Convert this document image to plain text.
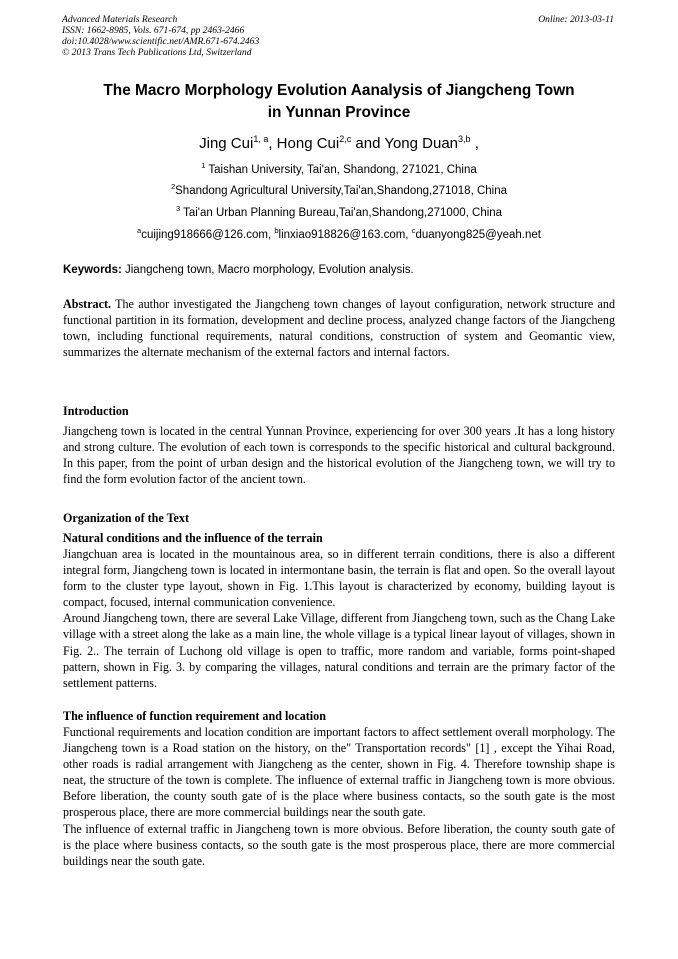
Advanced Materials Research
ISSN: 1662-8985, Vols. 671-674, pp 2463-2466
doi:10.4028/www.scientific.net/AMR.671-674.2463
© 2013 Trans Tech Publications Ltd, Switzerland
Online: 2013-03-11
The Macro Morphology Evolution Aanalysis of Jiangcheng Town
in Yunnan Province
Jing Cui$^{1, a}$, Hong Cui$^{2,c}$ and Yong Duan$^{3,b}$ ,
$^1$ Taishan University, Tai'an, Shandong, 271021, China
$^2$Shandong Agricultural University,Tai'an,Shandong,271018, China
$^3$ Tai'an Urban Planning Bureau,Tai'an,Shandong,271000, China
$^a$cuijing918666@126.com, $^b$linxiao918826@163.com, $^c$duanyong825@yeah.net
Keywords: Jiangcheng town, Macro morphology, Evolution analysis.

Abstract. The author investigated the Jiangcheng town changes of layout configuration, network structure and functional partition in its formation, development and decline process, analyzed change factors of the Jiangcheng town, including functional requirements, natural conditions, construction of system and Geomantic view, summarizes the alternate mechanism of the external factors and internal factors.

Introduction

Jiangcheng town is located in the central Yunnan Province, experiencing for over 300 years .It has a long history and strong culture. The evolution of each town is corresponds to the specific historical and cultural background. In this paper, from the point of urban design and the historical evolution of the Jiangcheng town, we will try to find the form evolution factor of the ancient town.

Organization of the Text
Natural conditions and the influence of the terrain

Jiangchuan area is located in the mountainous area, so in different terrain conditions, there is also a different integral form, Jiangcheng town is located in intermontane basin, the terrain is flat and open. So the overall layout form to the cluster type layout, shown in Fig. 1.This layout is characterized by economy, building layout is compact, focused, internal communication convenience.

Around Jiangcheng town, there are several Lake Village, different from Jiangcheng town, such as the Chang Lake village with a street along the lake as a main line, the whole village is a typical linear layout of villages, shown in Fig. 2.. The terrain of Luchong old village is open to traffic, more random and variable, forms point-shaped pattern, shown in Fig. 3. by comparing the villages, natural conditions and terrain are the primary factor of the settlement patterns.

The influence of function requirement and location

Functional requirements and location condition are important factors to affect settlement overall morphology. The Jiangcheng town is a Road station on the history, on the" Transportation records" [1] , except the Yihai Road, other roads is radial arrangement with Jiangcheng as the center, shown in Fig. 4. Therefore township shape is neat, the structure of the town is complete. The influence of external traffic in Jiangcheng town is more obvious. Before liberation, the county south gate of is the place where business contacts, so the south gate is the most prosperous place, there are more commercial buildings near the south gate.

The influence of external traffic in Jiangcheng town is more obvious. Before liberation, the county south gate of is the place where business contacts, so the south gate is the most prosperous place, there are more commercial buildings near the south gate.
